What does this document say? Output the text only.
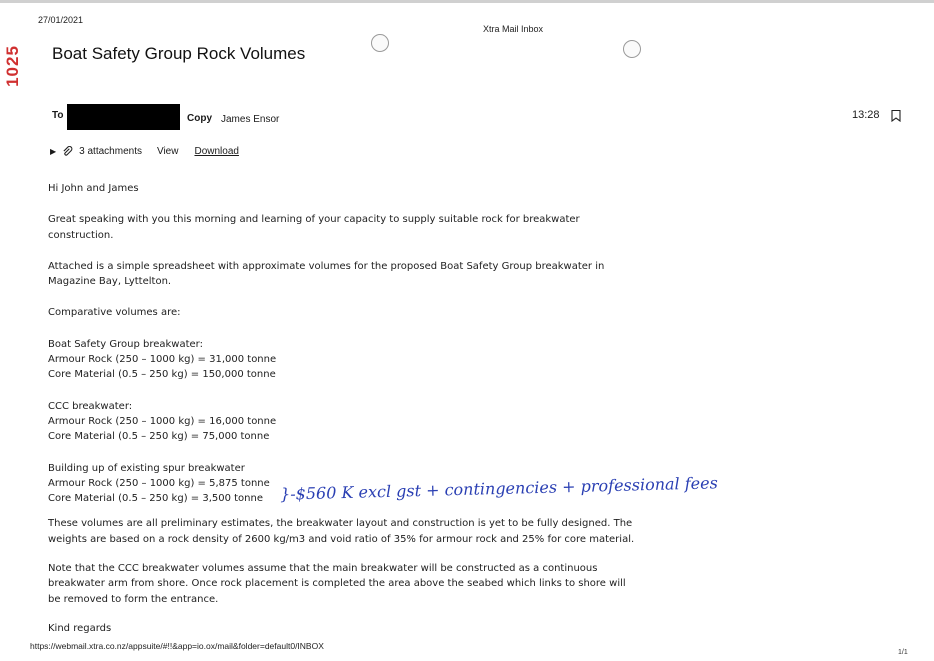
27/01/2021
Xtra Mail Inbox
1025 Boat Safety Group Rock Volumes
To	Copy James Ensor	13:28
▶ 3 attachments View Download

Hi John and James

Great speaking with you this morning and learning of your capacity to supply suitable rock for breakwater
construction.

Attached is a simple spreadsheet with approximate volumes for the proposed Boat Safety Group breakwater in
Magazine Bay, Lyttelton.

Comparative volumes are:

Boat Safety Group breakwater:
Armour Rock (250 – 1000 kg) = 31,000 tonne
Core Material (0.5 – 250 kg) = 150,000 tonne

CCC breakwater:
Armour Rock (250 – 1000 kg) = 16,000 tonne
Core Material (0.5 – 250 kg) = 75,000 tonne

Building up of existing spur breakwater
Armour Rock (250 – 1000 kg) = 5,875 tonne
Core Material (0.5 – 250 kg) = 3,500 tonne

These volumes are all preliminary estimates, the breakwater layout and construction is yet to be fully designed. The
weights are based on a rock density of 2600 kg/m3 and void ratio of 35% for armour rock and 25% for core material.

Note that the CCC breakwater volumes assume that the main breakwater will be constructed as a continuous
breakwater arm from shore. Once rock placement is completed the area above the seabed which links to shore will
be removed to form the entrance.

Kind regards

}-$560 K excl gst + contingencies + professional fees
https://webmail.xtra.co.nz/appsuite/#!!&app=io.ox/mail&folder=default0/INBOX
1/1
